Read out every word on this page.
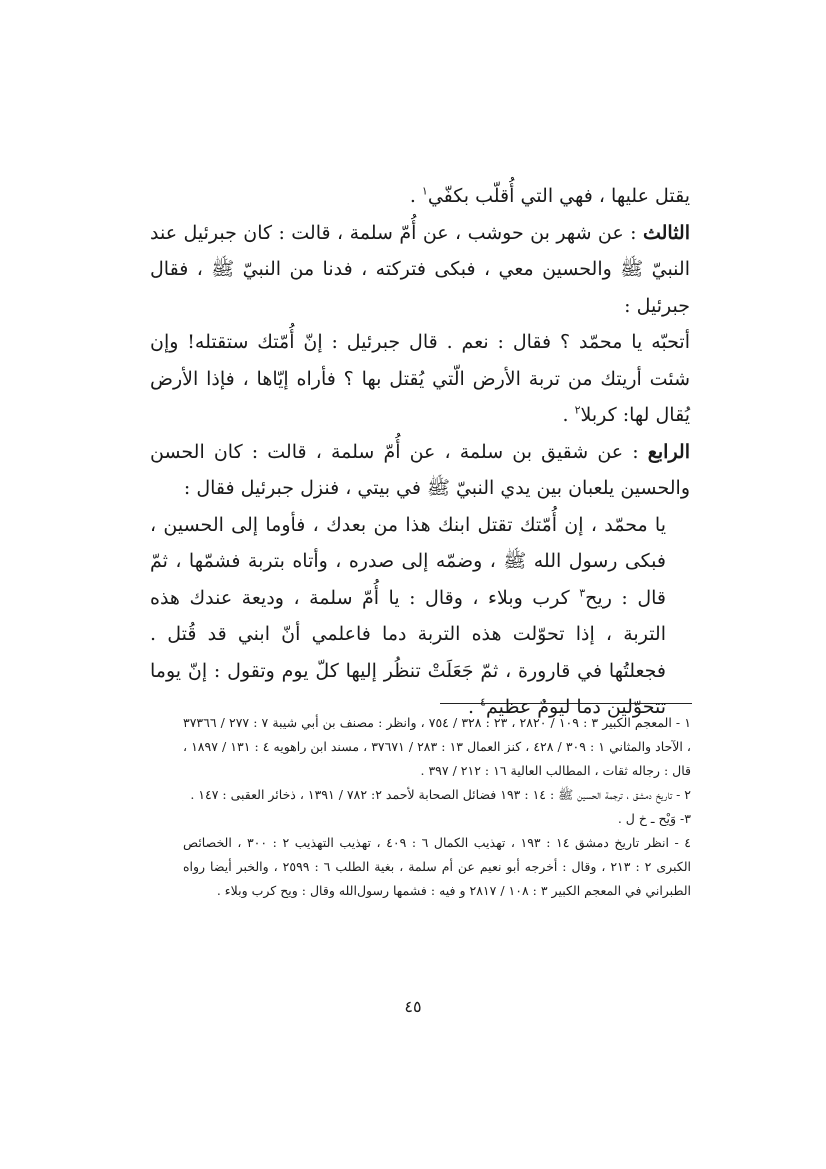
يقتل عليها ، فهي التي أُقلّب بكفّي$^١$ .

الثالث : عن شهر بن حوشب ، عن أُمّ سلمة ، قالت : كان جبرئيل عند النبيّ ﷺ والحسين معي ، فبكى فتركته ، فدنا من النبيّ ﷺ ، فقال جبرئيل :

أتحبّه يا محمّد ؟ فقال : نعم . قال جبرئيل : إنّ أُمّتك ستقتله! وإن شئت أريتك من تربة الأرض الّتي يُقتل بها ؟ فأراه إيّاها ، فإذا الأرض يُقال لها: كربلا$^٢$ .

الرابع : عن شقيق بن سلمة ، عن أُمّ سلمة ، قالت : كان الحسن والحسين يلعبان بين يدي النبيّ ﷺ في بيتي ، فنزل جبرئيل فقال :

يا محمّد ، إن أُمّتك تقتل ابنك هذا من بعدك ، فأوما إلى الحسين ، فبكى رسول الله ﷺ ، وضمّه إلى صدره ، وأتاه بتربة فشمّها ، ثمّ قال : ريح$^٣$ كرب وبلاء ، وقال : يا أُمّ سلمة ، وديعة عندك هذه التربة ، إذا تحوّلت هذه التربة دما فاعلمي أنّ ابني قد قُتل . فجعلتُها في قارورة ، ثمّ جَعَلَتْ تنظُر إليها كلّ يوم وتقول : إنّ يوما تتحوّلين دما ليومٌ عظيم$^٤$ .

١ - المعجم الكبير ٣ : ١٠٩ / ٢٨٢٠ ، ٢٣ : ٣٢٨ / ٧٥٤ ، وانظر : مصنف بن أبي شيبة ٧ : ٢٧٧ / ٣٧٣٦٦ ، الآحاد والمثاني ١ : ٣٠٩ / ٤٢٨ ، كنز العمال ١٣ : ٢٨٣ / ٣٧٦٧١ ، مسند ابن راهويه ٤ : ١٣١ / ١٨٩٧ ، قال : رجاله ثقات ، المطالب العالية ١٦ : ٢١٢ / ٣٩٧ .

٢ - تاريخ دمشق ، ترجمة الحسين ﷺ : ١٤ : ١٩٣ فضائل الصحابة لأحمد ٢: ٧٨٢ / ١٣٩١ ، ذخائر العقبى : ١٤٧ .

٣- وَيْح ـ خ ل .

٤ - انظر تاريخ دمشق ١٤ : ١٩٣ ، تهذيب الكمال ٦ : ٤٠٩ ، تهذيب التهذيب ٢ : ٣٠٠ ، الخصائص الكبرى ٢ : ٢١٣ ، وقال : أخرجه أبو نعيم عن أم سلمة ، بغية الطلب ٦ : ٢٥٩٩ ، والخبر أيضا رواه الطبراني في المعجم الكبير ٣ : ١٠٨ / ٢٨١٧ و فيه : فشمها رسول‌الله وقال : ويح كرب وبلاء .

٤٥
